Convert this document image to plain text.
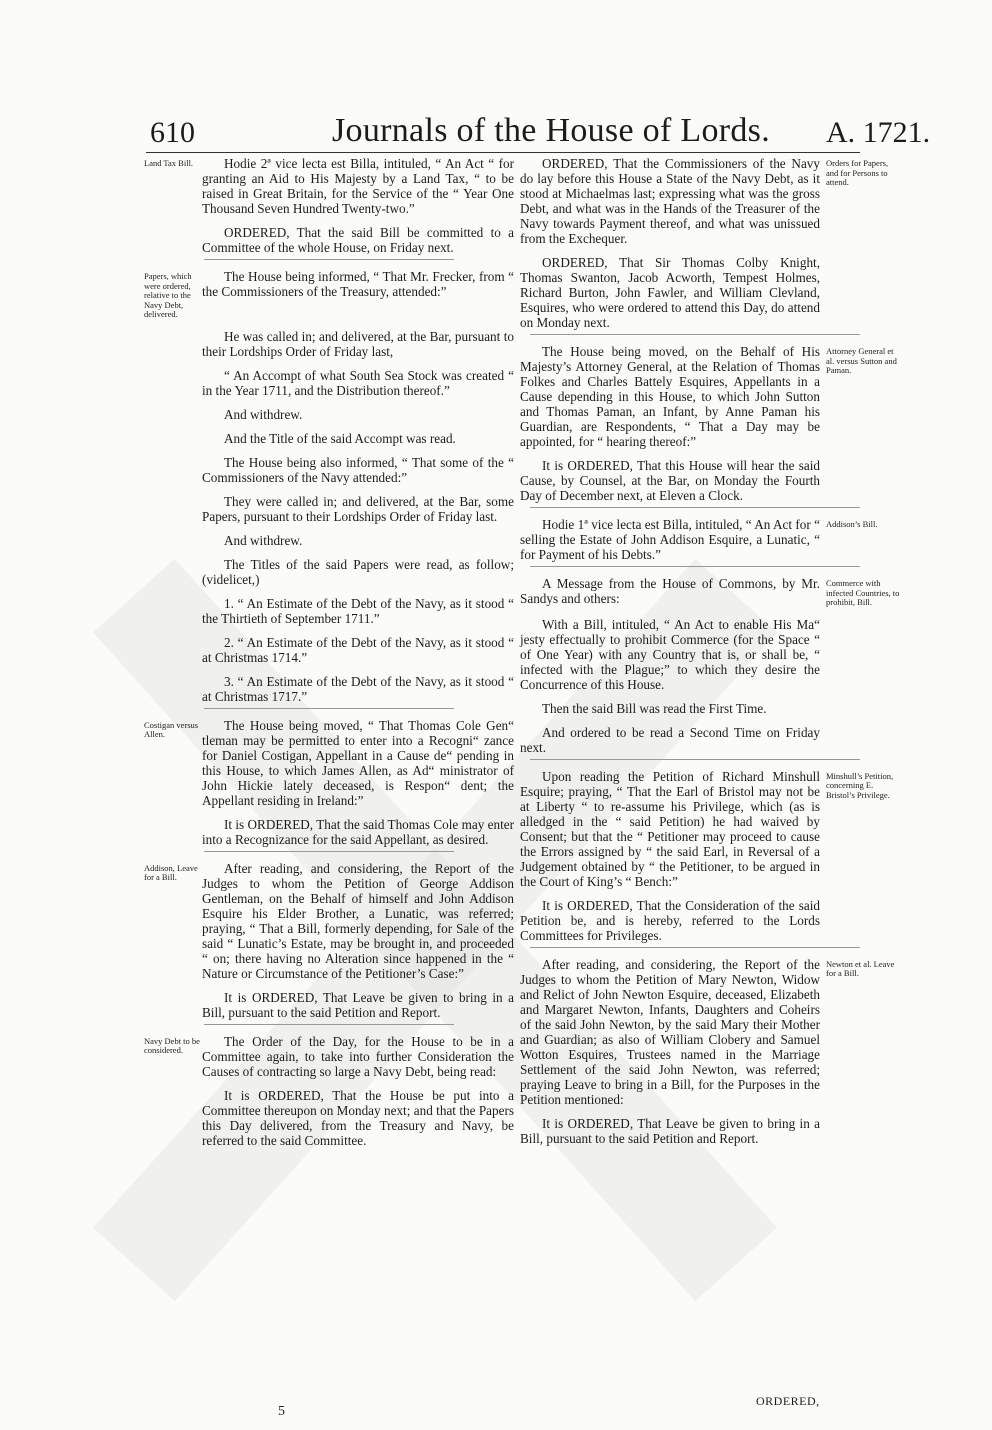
610	Journals of the House of Lords. A. 1721.
Land Tax Bill.	Hodie 2ª vice lecta est Billa, intituled, “ An Act “ for granting an Aid to His Majesty by a Land Tax, “ to be raised in Great Britain, for the Service of the “ Year One Thousand Seven Hundred Twenty-two.”

ORDERED, That the said Bill be committed to a Committee of the whole House, on Friday next.

Papers, which were ordered, relative to the Navy Debt, delivered.

The House being informed, “ That Mr. Frecker, from “ the Commissioners of the Treasury, attended:”

He was called in; and delivered, at the Bar, pursuant to their Lordships Order of Friday last,

“ An Accompt of what South Sea Stock was created “ in the Year 1711, and the Distribution thereof.”

And withdrew.

And the Title of the said Accompt was read.

The House being also informed, “ That some of the “ Commissioners of the Navy attended:”

They were called in; and delivered, at the Bar, some Papers, pursuant to their Lordships Order of Friday last.

And withdrew.

The Titles of the said Papers were read, as follow; (videlicet,)

1. “ An Estimate of the Debt of the Navy, as it stood “ the Thirtieth of September 1711.”

2. “ An Estimate of the Debt of the Navy, as it stood “ at Christmas 1714.”

3. “ An Estimate of the Debt of the Navy, as it stood “ at Christmas 1717.”

Costigan versus Allen.

The House being moved, “ That Thomas Cole Gen“ tleman may be permitted to enter into a Recogni“ zance for Daniel Costigan, Appellant in a Cause de“ pending in this House, to which James Allen, as Ad“ ministrator of John Hickie lately deceased, is Respon“ dent; the Appellant residing in Ireland:”

It is ORDERED, That the said Thomas Cole may enter into a Recognizance for the said Appellant, as desired.

Addison, Leave for a Bill.

After reading, and considering, the Report of the Judges to whom the Petition of George Addison Gentleman, on the Behalf of himself and John Addison Esquire his Elder Brother, a Lunatic, was referred; praying, “ That a Bill, formerly depending, for Sale of the said “ Lunatic’s Estate, may be brought in, and proceeded “ on; there having no Alteration since happened in the “ Nature or Circumstance of the Petitioner’s Case:”

It is ORDERED, That Leave be given to bring in a Bill, pursuant to the said Petition and Report.

Navy Debt to be considered.

The Order of the Day, for the House to be in a Committee again, to take into further Consideration the Causes of contracting so large a Navy Debt, being read:

It is ORDERED, That the House be put into a Committee thereupon on Monday next; and that the Papers this Day delivered, from the Treasury and Navy, be referred to the said Committee.

ORDERED, That the Commissioners of the Navy do lay before this House a State of the Navy Debt, as it stood at Michaelmas last; expressing what was the gross Debt, and what was in the Hands of the Treasurer of the Navy towards Payment thereof, and what was unissued from the Exchequer.

Orders for Papers, and for Persons to attend.

ORDERED, That Sir Thomas Colby Knight, Thomas Swanton, Jacob Acworth, Tempest Holmes, Richard Burton, John Fawler, and William Clevland, Esquires, who were ordered to attend this Day, do attend on Monday next.

The House being moved, on the Behalf of His Majesty’s Attorney General, at the Relation of Thomas Folkes and Charles Battely Esquires, Appellants in a Cause depending in this House, to which John Sutton and Thomas Paman, an Infant, by Anne Paman his Guardian, are Respondents, “ That a Day may be appointed, for “ hearing thereof:”

Attorney General et al. versus Sutton and Paman.

It is ORDERED, That this House will hear the said Cause, by Counsel, at the Bar, on Monday the Fourth Day of December next, at Eleven a Clock.

Hodie 1ª vice lecta est Billa, intituled, “ An Act for “ selling the Estate of John Addison Esquire, a Lunatic, “ for Payment of his Debts.”

Addison’s Bill.

A Message from the House of Commons, by Mr. Sandys and others:

Commerce with infected Countries, to prohibit, Bill.

With a Bill, intituled, “ An Act to enable His Ma“ jesty effectually to prohibit Commerce (for the Space “ of One Year) with any Country that is, or shall be, “ infected with the Plague;” to which they desire the Concurrence of this House.

Then the said Bill was read the First Time.

And ordered to be read a Second Time on Friday next.

Upon reading the Petition of Richard Minshull Esquire; praying, “ That the Earl of Bristol may not be at Liberty “ to re-assume his Privilege, which (as is alledged in the “ said Petition) he had waived by Consent; but that the “ Petitioner may proceed to cause the Errors assigned by “ the said Earl, in Reversal of a Judgement obtained by “ the Petitioner, to be argued in the Court of King’s “ Bench:”

Minshull’s Petition, concerning E. Bristol’s Privilege.

It is ORDERED, That the Consideration of the said Petition be, and is hereby, referred to the Lords Committees for Privileges.

After reading, and considering, the Report of the Judges to whom the Petition of Mary Newton, Widow and Relict of John Newton Esquire, deceased, Elizabeth and Margaret Newton, Infants, Daughters and Coheirs of the said John Newton, by the said Mary their Mother and Guardian; as also of William Clobery and Samuel Wotton Esquires, Trustees named in the Marriage Settlement of the said John Newton, was referred; praying Leave to bring in a Bill, for the Purposes in the Petition mentioned:

Newton et al. Leave for a Bill.

It is ORDERED, That Leave be given to bring in a Bill, pursuant to the said Petition and Report.

5
ORDERED,
